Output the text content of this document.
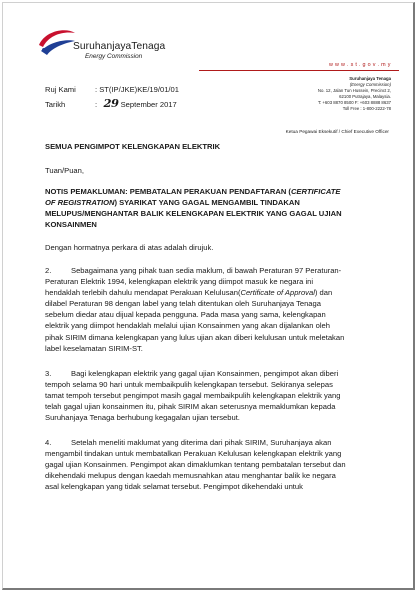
SuruhanjayaTenaga
Energy Commission
w w w . s t . g o v . m y
Suruhanjaya Tenaga
(Energy Commission)
No. 12, Jalan Tun Hussein, Precinct 2,
62100 Putrajaya, Malaysia.
T: +603 8870 8500 F: +603 8888 8637
Toll Free : 1-800-2222-78
Ruj Kami	: ST(IP/JKE)KE/19/01/01
Tarikh	: 29 September 2017
Ketua Pegawai Eksekutif / Chief Executive Officer
SEMUA PENGIMPOT KELENGKAPAN ELEKTRIK
Tuan/Puan,
NOTIS PEMAKLUMAN: PEMBATALAN PERAKUAN PENDAFTARAN (CERTIFICATE
OF REGISTRATION) SYARIKAT YANG GAGAL MENGAMBIL TINDAKAN
MELUPUS/MENGHANTAR BALIK KELENGKAPAN ELEKTRIK YANG GAGAL UJIAN
KONSAINMEN
Dengan hormatnya perkara di atas adalah dirujuk.
2.	Sebagaimana yang pihak tuan sedia maklum, di bawah Peraturan 97 Peraturan-
Peraturan Elektrik 1994, kelengkapan elektrik yang diimpot masuk ke negara ini
hendaklah terlebih dahulu mendapat Perakuan Kelulusan(Certificate of Approval) dan
dilabel Peraturan 98 dengan label yang telah ditentukan oleh Suruhanjaya Tenaga
sebelum diedar atau dijual kepada pengguna. Pada masa yang sama, kelengkapan
elektrik yang diimpot hendaklah melalui ujian Konsainmen yang akan dijalankan oleh
pihak SIRIM dimana kelengkapan yang lulus ujian akan diberi kelulusan untuk meletakan
label keselamatan SIRIM-ST.
3.	Bagi kelengkapan elektrik yang gagal ujian Konsainmen, pengimpot akan diberi
tempoh selama 90 hari untuk membaikpulih kelengkapan tersebut. Sekiranya selepas
tamat tempoh tersebut pengimpot masih gagal membaikpulih kelengkapan elektrik yang
telah gagal ujian konsainmen itu, pihak SIRIM akan seterusnya memaklumkan kepada
Suruhanjaya Tenaga berhubung kegagalan ujian tersebut.
4.	Setelah meneliti maklumat yang diterima dari pihak SIRIM, Suruhanjaya akan
mengambil tindakan untuk membatalkan Perakuan Kelulusan kelengkapan elektrik yang
gagal ujian Konsainmen. Pengimpot akan dimaklumkan tentang pembatalan tersebut dan
dikehendaki melupus dengan kaedah memusnahkan atau menghantar balik ke negara
asal kelengkapan yang tidak selamat tersebut. Pengimpot dikehendaki untuk
